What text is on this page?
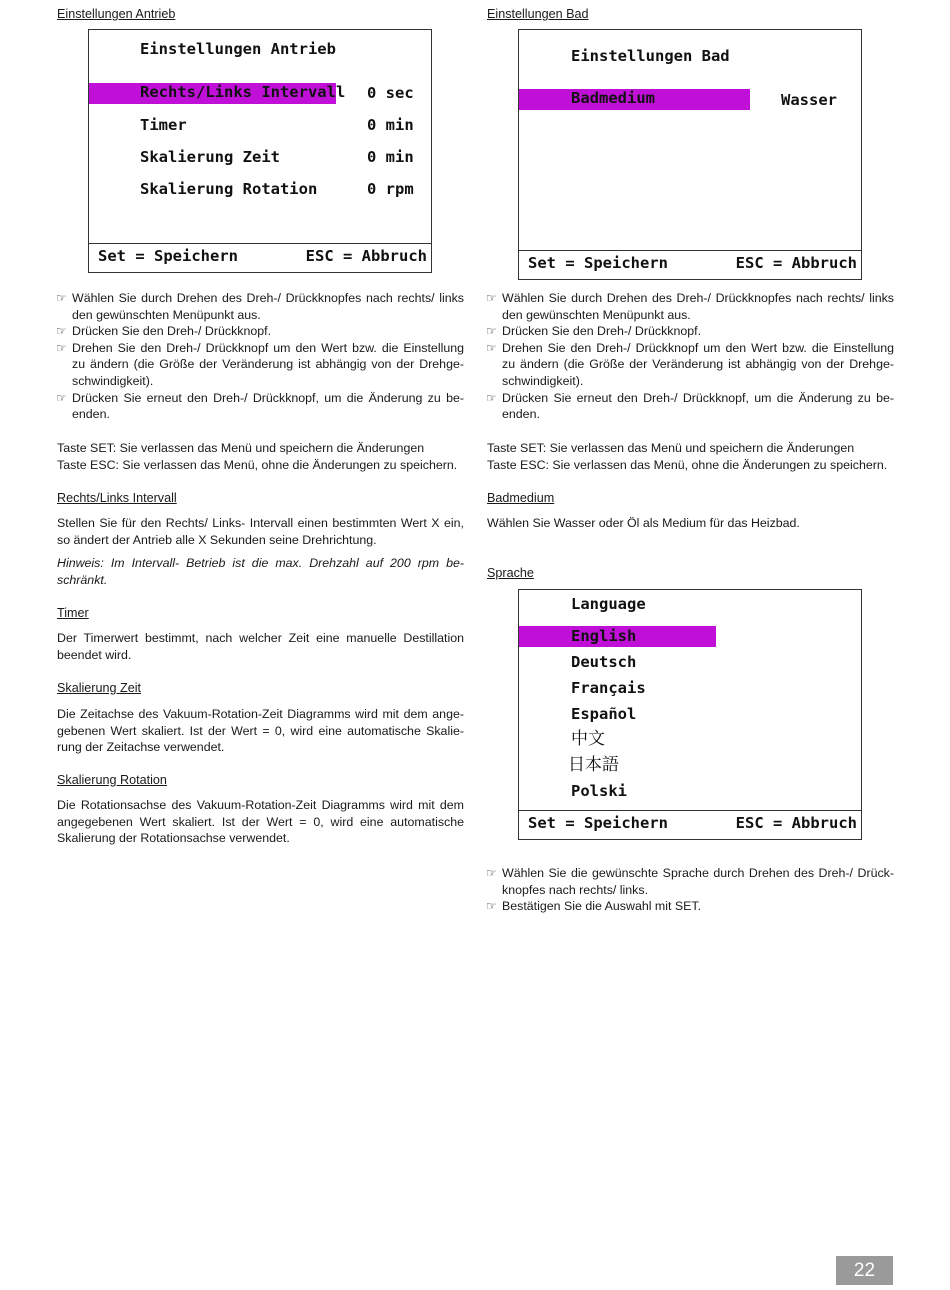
Einstellungen Antrieb
Einstellungen Antrieb
Rechts/Links Intervall 0 sec
Timer	0 min
Skalierung Zeit	0 min
Skalierung Rotation	0 rpm
Set = Speichern	ESC = Abbruch
☞ Wählen Sie durch Drehen des Dreh-/ Drückknopfes nach rechts/ links den gewünschten Menüpunkt aus.
☞ Drücken Sie den Dreh-/ Drückknopf.
☞ Drehen Sie den Dreh-/ Drückknopf um den Wert bzw. die Einstellung zu ändern (die Größe der Veränderung ist abhängig von der Drehgeschwindigkeit).
☞ Drücken Sie erneut den Dreh-/ Drückknopf, um die Änderung zu beenden.

Taste SET: Sie verlassen das Menü und speichern die Änderungen

Taste ESC: Sie verlassen das Menü, ohne die Änderungen zu speichern.

Rechts/Links Intervall

Stellen Sie für den Rechts/ Links- Intervall einen bestimmten Wert X ein, so ändert der Antrieb alle X Sekunden seine Drehrichtung.

Hinweis: Im Intervall- Betrieb ist die max. Drehzahl auf 200 rpm beschränkt.

Timer

Der Timerwert bestimmt, nach welcher Zeit eine manuelle Destillation beendet wird.

Skalierung Zeit

Die Zeitachse des Vakuum-Rotation-Zeit Diagramms wird mit dem angegebenen Wert skaliert. Ist der Wert = 0, wird eine automatische Skalierung der Zeitachse verwendet.

Skalierung Rotation

Die Rotationsachse des Vakuum-Rotation-Zeit Diagramms wird mit dem angegebenen Wert skaliert. Ist der Wert = 0, wird eine automatische Skalierung der Rotationsachse verwendet.

Einstellungen Bad
Einstellungen Bad
Badmedium	Wasser
Set = Speichern	ESC = Abbruch
☞ Wählen Sie durch Drehen des Dreh-/ Drückknopfes nach rechts/ links den gewünschten Menüpunkt aus.
☞ Drücken Sie den Dreh-/ Drückknopf.
☞ Drehen Sie den Dreh-/ Drückknopf um den Wert bzw. die Einstellung zu ändern (die Größe der Veränderung ist abhängig von der Drehgeschwindigkeit).
☞ Drücken Sie erneut den Dreh-/ Drückknopf, um die Änderung zu beenden.

Taste SET: Sie verlassen das Menü und speichern die Änderungen

Taste ESC: Sie verlassen das Menü, ohne die Änderungen zu speichern.

Badmedium

Wählen Sie Wasser oder Öl als Medium für das Heizbad.

Sprache
Language
English
Deutsch
Français
Español
中文
日本語
Polski
Set = Speichern	ESC = Abbruch
☞ Wählen Sie die gewünschte Sprache durch Drehen des Dreh-/ Drückknopfes nach rechts/ links.
☞ Bestätigen Sie die Auswahl mit SET.
22
